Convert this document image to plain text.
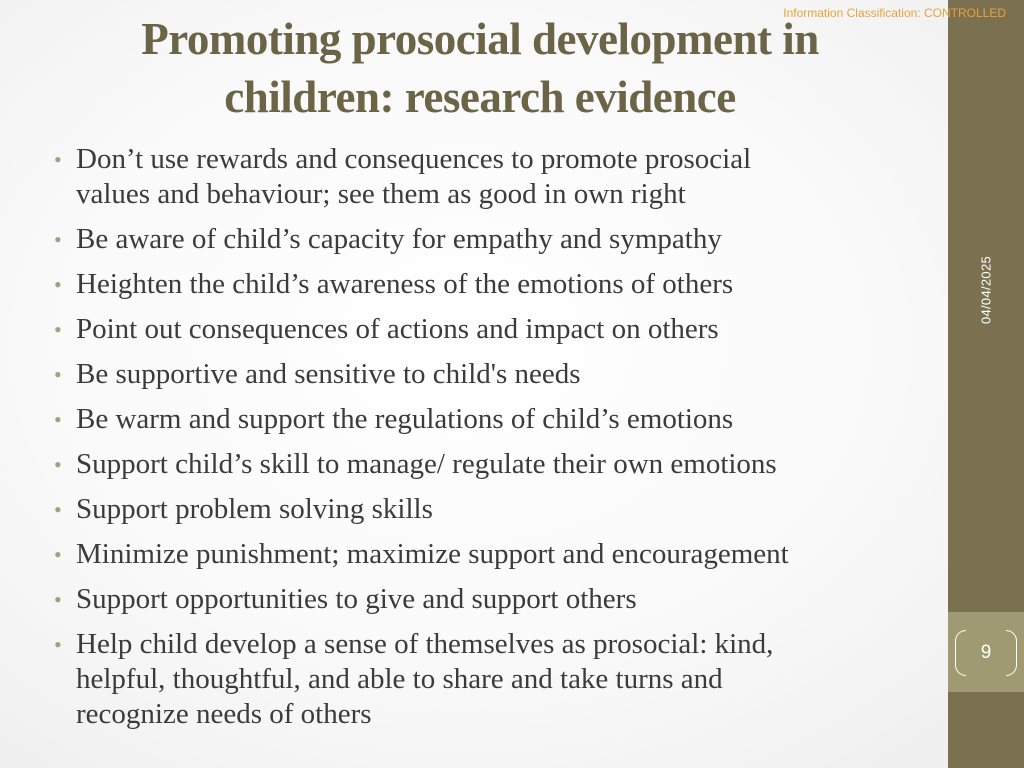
04/04/2025
9
Information Classification: CONTROLLED
Promoting prosocial development in
children: research evidence
• Don’t use rewards and consequences to promote prosocial
values and behaviour; see them as good in own right
• Be aware of child’s capacity for empathy and sympathy
• Heighten the child’s awareness of the emotions of others
• Point out consequences of actions and impact on others
• Be supportive and sensitive to child's needs
• Be warm and support the regulations of child’s emotions
• Support child’s skill to manage/ regulate their own emotions
• Support problem solving skills
• Minimize punishment; maximize support and encouragement
• Support opportunities to give and support others
• Help child develop a sense of themselves as prosocial: kind,
helpful, thoughtful, and able to share and take turns and
recognize needs of others
